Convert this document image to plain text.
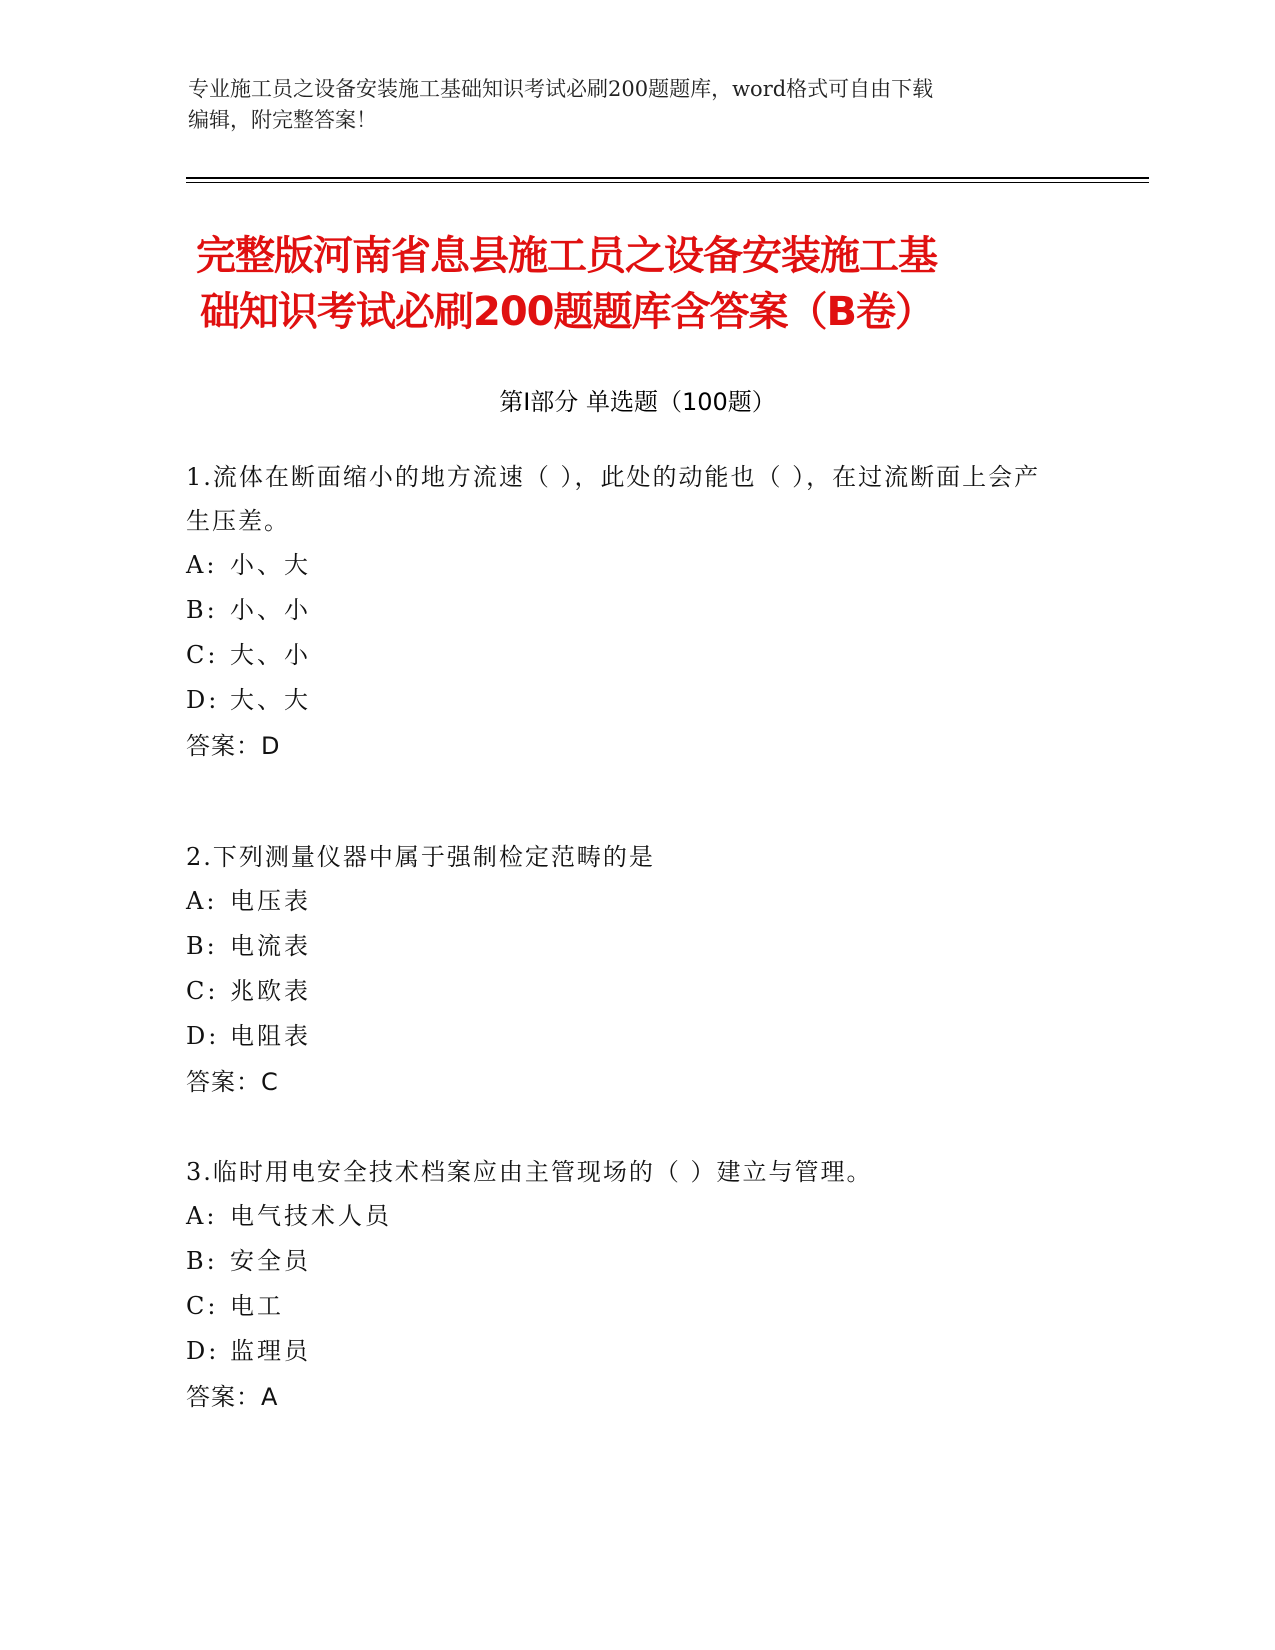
专业施工员之设备安装施工基础知识考试必刷200题题库，word格式可自由下载
编辑，附完整答案！
完整版河南省息县施工员之设备安装施工基
础知识考试必刷200题题库含答案（B卷）
第Ⅰ部分 单选题（100题）
1.流体在断面缩小的地方流速（ ），此处的动能也（ ），在过流断面上会产生压差。
A: 小、大
B: 小、小
C: 大、小
D: 大、大
答案：D
2.下列测量仪器中属于强制检定范畴的是
A: 电压表
B: 电流表
C: 兆欧表
D: 电阻表
答案：C
3.临时用电安全技术档案应由主管现场的（ ）建立与管理。
A: 电气技术人员
B: 安全员
C: 电工
D: 监理员
答案：A
